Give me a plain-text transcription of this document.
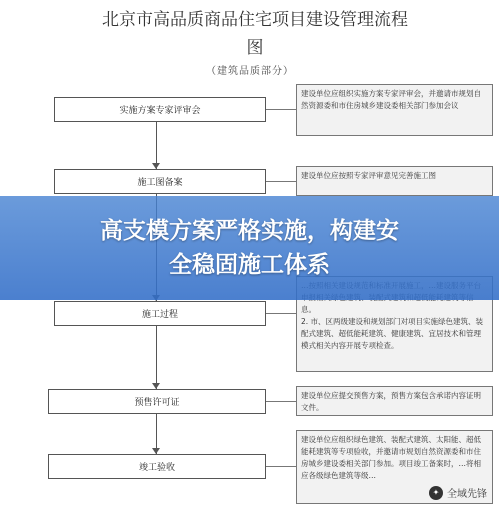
北京市高品质商品住宅项目建设管理流程
图
（建筑品质部分）
实施方案专家评审会
施工图备案
施工过程
预售许可证
竣工验收
建设单位应组织实施方案专家评审会，并邀请市规划自然资源委和市住房城乡建设委相关部门参加会议
建设单位应按照专家评审意见完善施工图
息。
2. 市、区两级建设和规划部门对项目实施绿色建筑、装配式建筑、超低能耗建筑、健康建筑、宜居技术和管理模式相关内容开展专项检查。
建设单位应提交预售方案，预售方案包含承诺内容证明文件。
建设单位应组织绿色建筑、装配式建筑、太阳能、超低能耗建筑等专项验收，并邀请市规划自然资源委和市住房城乡建设委相关部门参加。项目竣工备案时，…将相应各级绿色建筑等级…
高支模方案严格实施，构建安
全稳固施工体系
✦ 全域先锋
